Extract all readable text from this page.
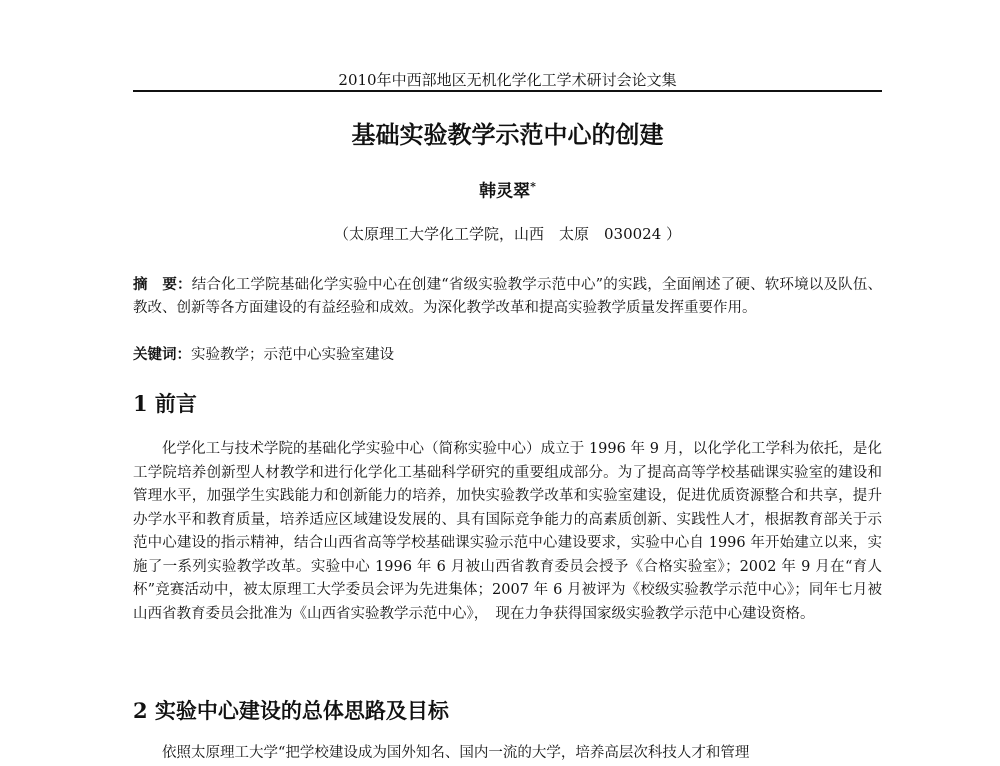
2010年中西部地区无机化学化工学术研讨会论文集
基础实验教学示范中心的创建
韩灵翠*
（太原理工大学化工学院，山西　太原　030024 ）
摘　要：结合化工学院基础化学实验中心在创建“省级实验教学示范中心”的实践，全面阐述了硬、软环境以及队伍、教改、创新等各方面建设的有益经验和成效。为深化教学改革和提高实验教学质量发挥重要作用。
关键词：实验教学；示范中心实验室建设
1 前言
化学化工与技术学院的基础化学实验中心（简称实验中心）成立于 1996 年 9 月，以化学化工学科为依托，是化工学院培养创新型人材教学和进行化学化工基础科学研究的重要组成部分。为了提高高等学校基础课实验室的建设和管理水平，加强学生实践能力和创新能力的培养，加快实验教学改革和实验室建设，促进优质资源整合和共享，提升办学水平和教育质量，培养适应区域建设发展的、具有国际竞争能力的高素质创新、实践性人才，根据教育部关于示范中心建设的指示精神，结合山西省高等学校基础课实验示范中心建设要求，实验中心自 1996 年开始建立以来，实施了一系列实验教学改革。实验中心 1996 年 6 月被山西省教育委员会授予《合格实验室》；2002 年 9 月在“育人杯”竞赛活动中，被太原理工大学委员会评为先进集体；2007 年 6 月被评为《校级实验教学示范中心》；同年七月被山西省教育委员会批准为《山西省实验教学示范中心》，　现在力争获得国家级实验教学示范中心建设资格。
2 实验中心建设的总体思路及目标
依照太原理工大学“把学校建设成为国外知名、国内一流的大学，培养高层次科技人才和管理
